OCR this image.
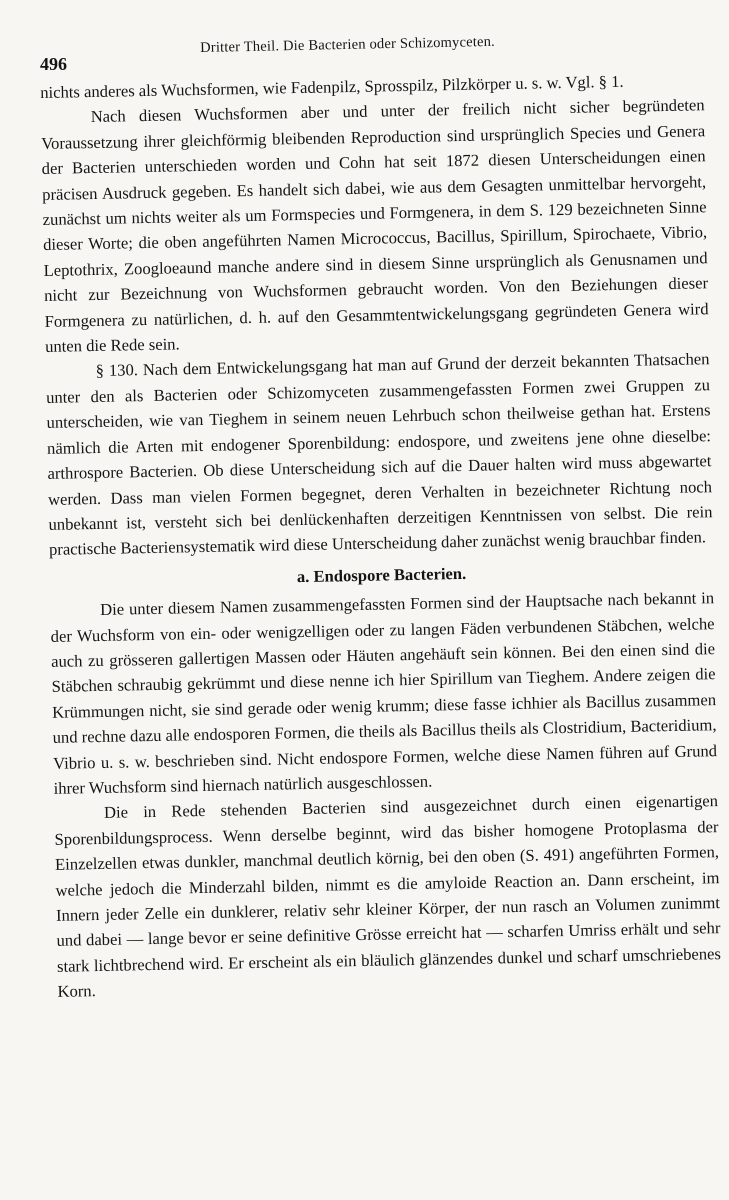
496
Dritter Theil. Die Bacterien oder Schizomyceten.

nichts anderes als Wuchsformen, wie Fadenpilz, Sprosspilz, Pilzkörper u. s. w. Vgl. § 1.

Nach diesen Wuchsformen aber und unter der freilich nicht sicher begründeten Voraussetzung ihrer gleichförmig bleibenden Reproduction sind ursprünglich Species und Genera der Bacterien unterschieden worden und Cohn hat seit 1872 diesen Unterscheidungen einen präcisen Ausdruck gegeben. Es handelt sich dabei, wie aus dem Gesagten unmittelbar hervorgeht, zunächst um nichts weiter als um Formspecies und Formgenera, in dem S. 129 bezeichneten Sinne dieser Worte; die oben angeführten Namen Micrococcus, Bacillus, Spirillum, Spirochaete, Vibrio, Leptothrix, Zoogloeaund manche andere sind in diesem Sinne ursprünglich als Genusnamen und nicht zur Bezeichnung von Wuchsformen gebraucht worden. Von den Beziehungen dieser Formgenera zu natürlichen, d. h. auf den Gesammtentwickelungsgang gegründeten Genera wird unten die Rede sein.

§ 130. Nach dem Entwickelungsgang hat man auf Grund der derzeit bekannten Thatsachen unter den als Bacterien oder Schizomyceten zusammengefassten Formen zwei Gruppen zu unterscheiden, wie van Tieghem in seinem neuen Lehrbuch schon theilweise gethan hat. Erstens nämlich die Arten mit endogener Sporenbildung: endospore, und zweitens jene ohne dieselbe: arthrospore Bacterien. Ob diese Unterscheidung sich auf die Dauer halten wird muss abgewartet werden. Dass man vielen Formen begegnet, deren Verhalten in bezeichneter Richtung noch unbekannt ist, versteht sich bei denlückenhaften derzeitigen Kenntnissen von selbst. Die rein practische Bacteriensystematik wird diese Unterscheidung daher zunächst wenig brauchbar finden.

a. Endospore Bacterien.

Die unter diesem Namen zusammengefassten Formen sind der Hauptsache nach bekannt in der Wuchsform von ein- oder wenigzelligen oder zu langen Fäden verbundenen Stäbchen, welche auch zu grösseren gallertigen Massen oder Häuten angehäuft sein können. Bei den einen sind die Stäbchen schraubig gekrümmt und diese nenne ich hier Spirillum van Tieghem. Andere zeigen die Krümmungen nicht, sie sind gerade oder wenig krumm; diese fasse ichhier als Bacillus zusammen und rechne dazu alle endosporen Formen, die theils als Bacillus theils als Clostridium, Bacteridium, Vibrio u. s. w. beschrieben sind. Nicht endospore Formen, welche diese Namen führen auf Grund ihrer Wuchsform sind hiernach natürlich ausgeschlossen.

Die in Rede stehenden Bacterien sind ausgezeichnet durch einen eigenartigen Sporenbildungsprocess. Wenn derselbe beginnt, wird das bisher homogene Protoplasma der Einzelzellen etwas dunkler, manchmal deutlich körnig, bei den oben (S. 491) angeführten Formen, welche jedoch die Minderzahl bilden, nimmt es die amyloide Reaction an. Dann erscheint, im Innern jeder Zelle ein dunklerer, relativ sehr kleiner Körper, der nun rasch an Volumen zunimmt und dabei — lange bevor er seine definitive Grösse erreicht hat — scharfen Umriss erhält und sehr stark lichtbrechend wird. Er erscheint als ein bläulich glänzendes dunkel und scharf umschriebenes Korn.
